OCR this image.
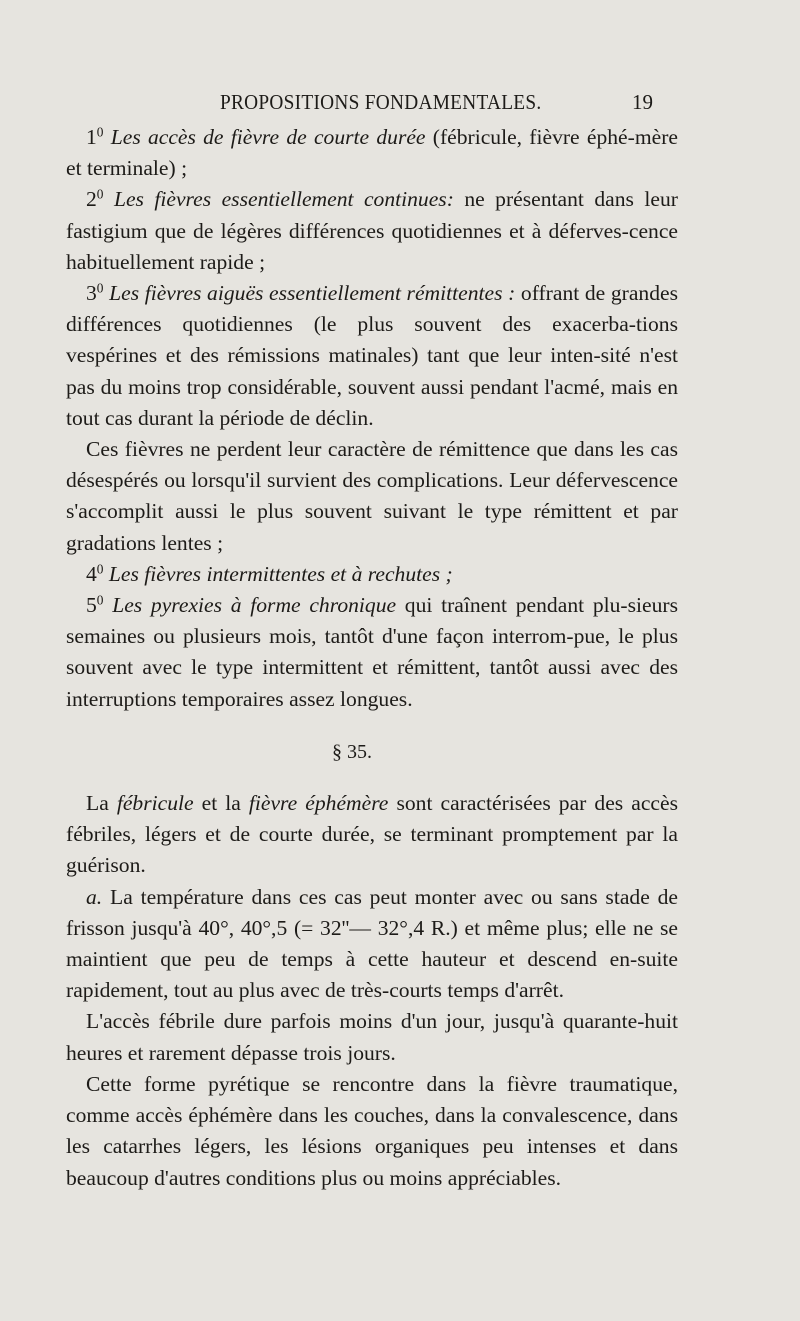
PROPOSITIONS FONDAMENTALES.	19

$1^0$ Les accès de fièvre de courte durée (fébricule, fièvre éphé-mère et terminale) ;

$2^0$ Les fièvres essentiellement continues: ne présentant dans leur fastigium que de légères différences quotidiennes et à déferves-cence habituellement rapide ;

$3^0$ Les fièvres aiguës essentiellement rémittentes : offrant de grandes différences quotidiennes (le plus souvent des exacerba-tions vespérines et des rémissions matinales) tant que leur inten-sité n'est pas du moins trop considérable, souvent aussi pendant l'acmé, mais en tout cas durant la période de déclin.

Ces fièvres ne perdent leur caractère de rémittence que dans les cas désespérés ou lorsqu'il survient des complications. Leur défervescence s'accomplit aussi le plus souvent suivant le type rémittent et par gradations lentes ;

$4^0$ Les fièvres intermittentes et à rechutes ;

$5^0$ Les pyrexies à forme chronique qui traînent pendant plu-sieurs semaines ou plusieurs mois, tantôt d'une façon interrom-pue, le plus souvent avec le type intermittent et rémittent, tantôt aussi avec des interruptions temporaires assez longues.

§ 35.

La fébricule et la fièvre éphémère sont caractérisées par des accès fébriles, légers et de courte durée, se terminant promptement par la guérison.

a. La température dans ces cas peut monter avec ou sans stade de frisson jusqu'à 40°, 40°,5 (= 32''— 32°,4 R.) et même plus; elle ne se maintient que peu de temps à cette hauteur et descend en-suite rapidement, tout au plus avec de très-courts temps d'arrêt.

L'accès fébrile dure parfois moins d'un jour, jusqu'à quarante-huit heures et rarement dépasse trois jours.

Cette forme pyrétique se rencontre dans la fièvre traumatique, comme accès éphémère dans les couches, dans la convalescence, dans les catarrhes légers, les lésions organiques peu intenses et dans beaucoup d'autres conditions plus ou moins appréciables.
